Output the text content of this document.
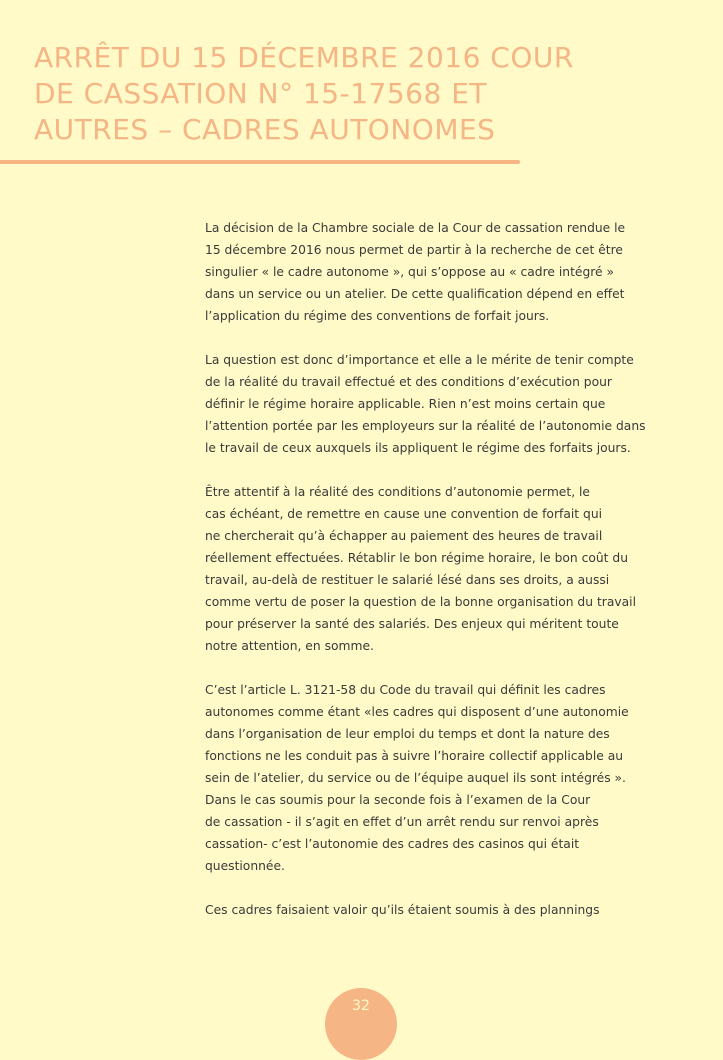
ARRÊT DU 15 DÉCEMBRE 2016 COUR
DE CASSATION N° 15-17568 ET
AUTRES – CADRES AUTONOMES

La décision de la Chambre sociale de la Cour de cassation rendue le
15 décembre 2016 nous permet de partir à la recherche de cet être
singulier « le cadre autonome », qui s’oppose au « cadre intégré »
dans un service ou un atelier. De cette qualification dépend en effet
l’application du régime des conventions de forfait jours.

La question est donc d’importance et elle a le mérite de tenir compte
de la réalité du travail effectué et des conditions d’exécution pour
définir le régime horaire applicable. Rien n’est moins certain que
l’attention portée par les employeurs sur la réalité de l’autonomie dans
le travail de ceux auxquels ils appliquent le régime des forfaits jours.

Être attentif à la réalité des conditions d’autonomie permet, le
cas échéant, de remettre en cause une convention de forfait qui
ne chercherait qu’à échapper au paiement des heures de travail
réellement effectuées. Rétablir le bon régime horaire, le bon coût du
travail, au-delà de restituer le salarié lésé dans ses droits, a aussi
comme vertu de poser la question de la bonne organisation du travail
pour préserver la santé des salariés. Des enjeux qui méritent toute
notre attention, en somme.

C’est l’article L. 3121-58 du Code du travail qui définit les cadres
autonomes comme étant «les cadres qui disposent d’une autonomie
dans l’organisation de leur emploi du temps et dont la nature des
fonctions ne les conduit pas à suivre l’horaire collectif applicable au
sein de l’atelier, du service ou de l’équipe auquel ils sont intégrés ».
Dans le cas soumis pour la seconde fois à l’examen de la Cour
de cassation - il s’agit en effet d’un arrêt rendu sur renvoi après
cassation- c’est l’autonomie des cadres des casinos qui était
questionnée.

Ces cadres faisaient valoir qu’ils étaient soumis à des plannings

32
